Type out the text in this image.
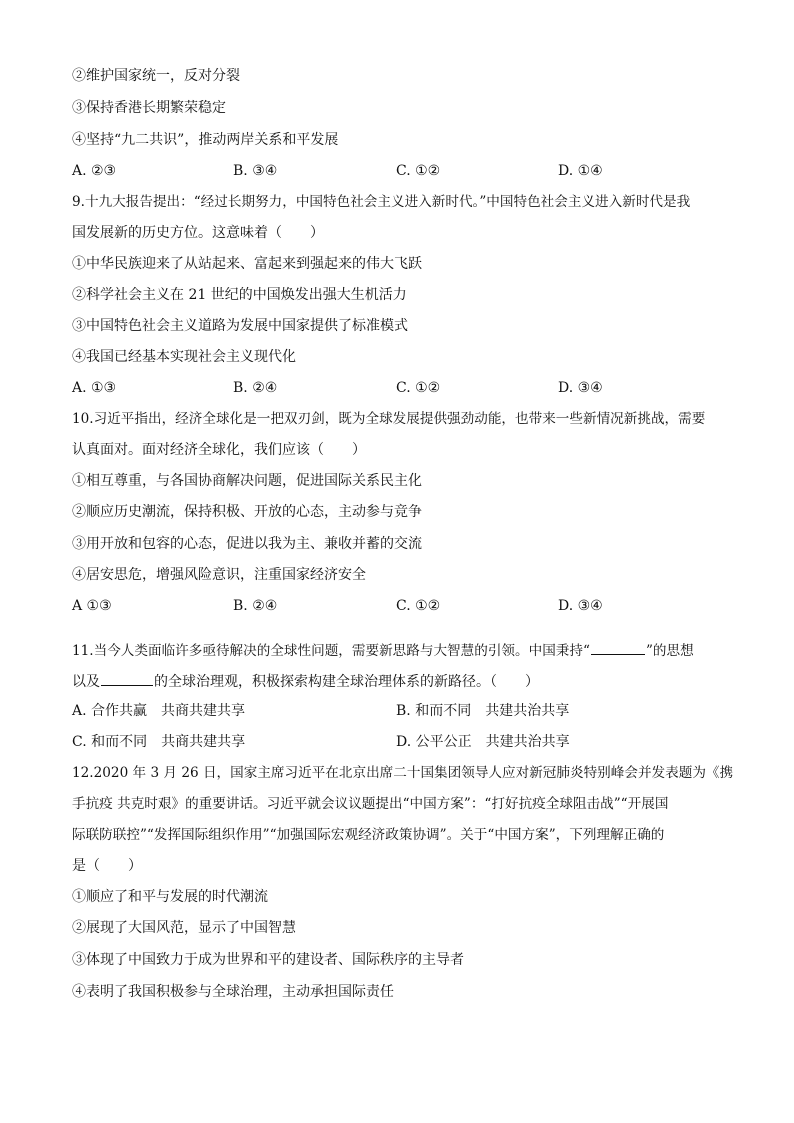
②维护国家统一，反对分裂
③保持香港长期繁荣稳定
④坚持“九二共识”，推动两岸关系和平发展
A. ②③	B. ③④	C. ①②	D. ①④
9.十九大报告提出：“经过长期努力，中国特色社会主义进入新时代。”中国特色社会主义进入新时代是我
国发展新的历史方位。这意味着（　　）
①中华民族迎来了从站起来、富起来到强起来的伟大飞跃
②科学社会主义在 21 世纪的中国焕发出强大生机活力
③中国特色社会主义道路为发展中国家提供了标准模式
④我国已经基本实现社会主义现代化
A. ①③	B. ②④	C. ①②	D. ③④
10.习近平指出，经济全球化是一把双刃剑，既为全球发展提供强劲动能，也带来一些新情况新挑战，需要
认真面对。面对经济全球化，我们应该（　　）
①相互尊重，与各国协商解决问题，促进国际关系民主化
②顺应历史潮流，保持积极、开放的心态，主动参与竞争
③用开放和包容的心态，促进以我为主、兼收并蓄的交流
④居安思危，增强风险意识，注重国家经济安全
A ①③	B. ②④	C. ①②	D. ③④
11.当今人类面临许多亟待解决的全球性问题，需要新思路与大智慧的引领。中国秉持“	”的思想
以及	的全球治理观，积极探索构建全球治理体系的新路径。（　　）
A. 合作共赢　共商共建共享	B. 和而不同　共建共治共享
C. 和而不同　共商共建共享	D. 公平公正　共建共治共享
12.2020 年 3 月 26 日，国家主席习近平在北京出席二十国集团领导人应对新冠肺炎特别峰会并发表题为《携
手抗疫 共克时艰》的重要讲话。习近平就会议议题提出“中国方案”：“打好抗疫全球阻击战”“开展国
际联防联控”“发挥国际组织作用”“加强国际宏观经济政策协调”。关于“中国方案”，下列理解正确的
是（　　）
①顺应了和平与发展的时代潮流
②展现了大国风范，显示了中国智慧
③体现了中国致力于成为世界和平的建设者、国际秩序的主导者
④表明了我国积极参与全球治理，主动承担国际责任
